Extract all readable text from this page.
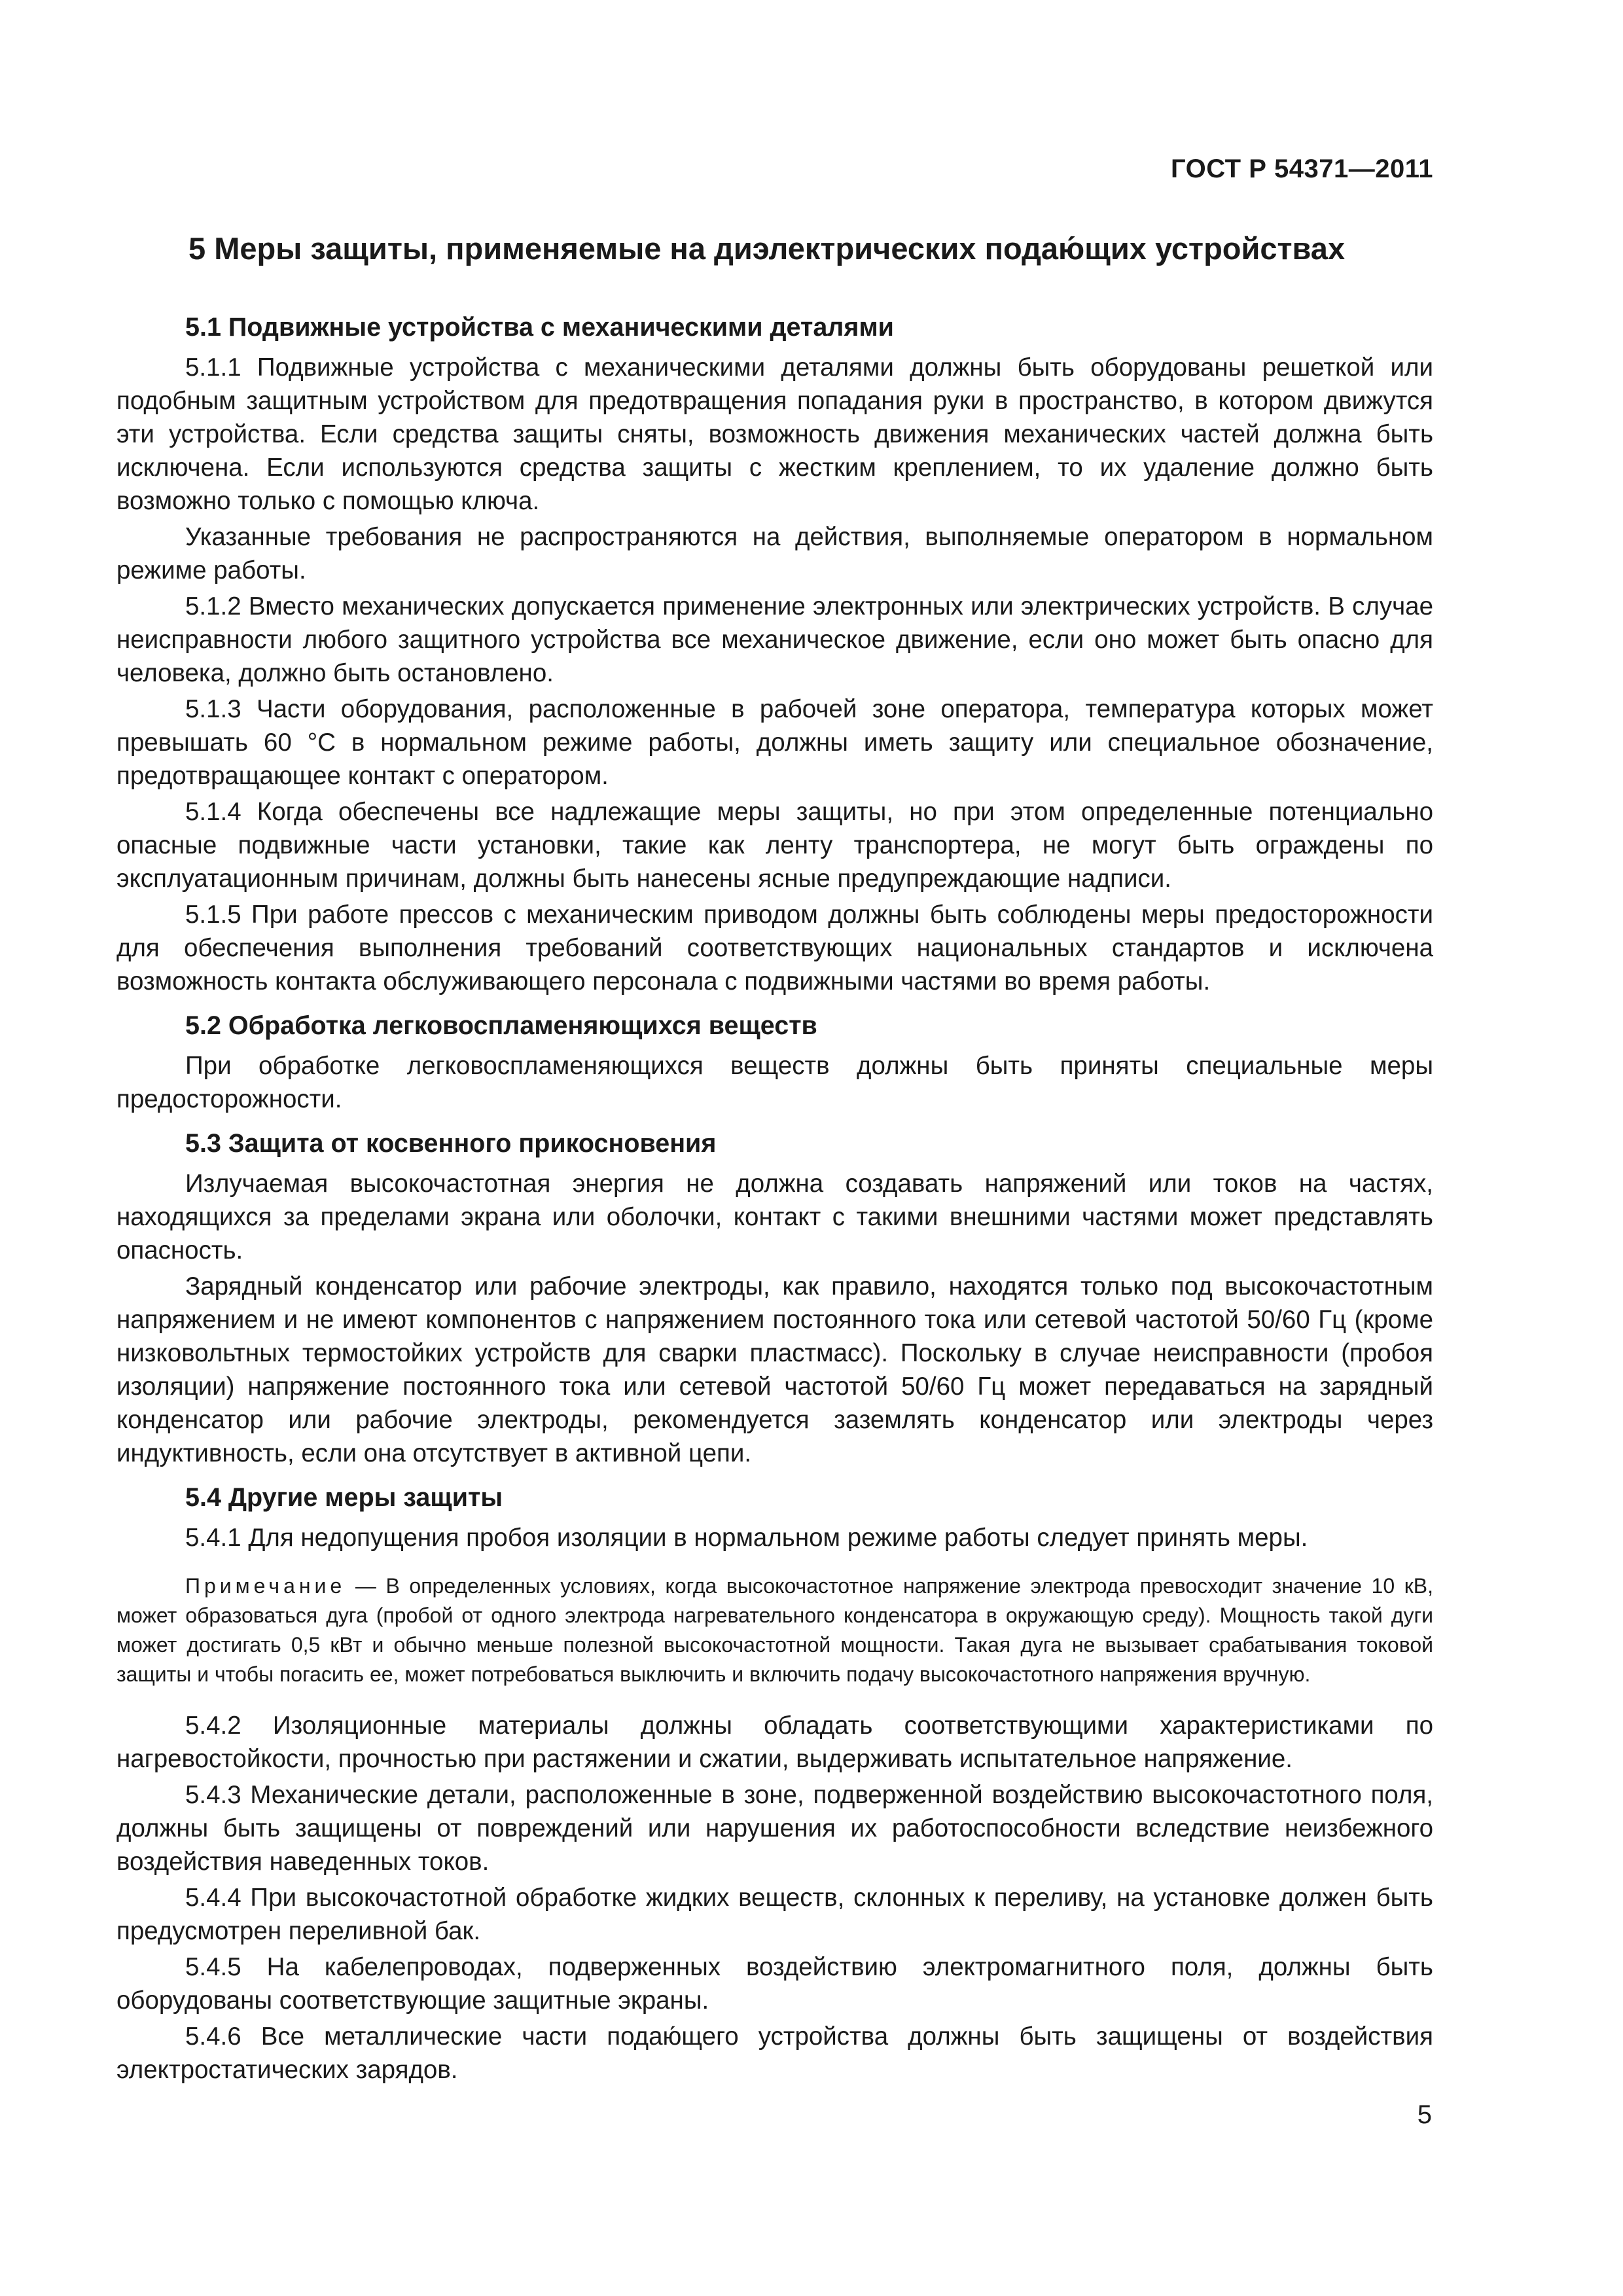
ГОСТ Р 54371—2011
5 Меры защиты, применяемые на диэлектрических подаю́щих устройствах
5.1 Подвижные устройства с механическими деталями

5.1.1 Подвижные устройства с механическими деталями должны быть оборудованы решеткой или подобным защитным устройством для предотвращения попадания руки в пространство, в котором движутся эти устройства. Если средства защиты сняты, возможность движения механических частей должна быть исключена. Если используются средства защиты с жестким креплением, то их удаление должно быть возможно только с помощью ключа.

Указанные требования не распространяются на действия, выполняемые оператором в нормальном режиме работы.

5.1.2 Вместо механических допускается применение электронных или электрических устройств. В случае неисправности любого защитного устройства все механическое движение, если оно может быть опасно для человека, должно быть остановлено.

5.1.3 Части оборудования, расположенные в рабочей зоне оператора, температура которых может превышать 60 °С в нормальном режиме работы, должны иметь защиту или специальное обозначение, предотвращающее контакт с оператором.

5.1.4 Когда обеспечены все надлежащие меры защиты, но при этом определенные потенциально опасные подвижные части установки, такие как ленту транспортера, не могут быть ограждены по эксплуатационным причинам, должны быть нанесены ясные предупреждающие надписи.

5.1.5 При работе прессов с механическим приводом должны быть соблюдены меры предосторожности для обеспечения выполнения требований соответствующих национальных стандартов и исключена возможность контакта обслуживающего персонала с подвижными частями во время работы.

5.2 Обработка легковоспламеняющихся веществ

При обработке легковоспламеняющихся веществ должны быть приняты специальные меры предосторожности.

5.3 Защита от косвенного прикосновения

Излучаемая высокочастотная энергия не должна создавать напряжений или токов на частях, находящихся за пределами экрана или оболочки, контакт с такими внешними частями может представлять опасность.

Зарядный конденсатор или рабочие электроды, как правило, находятся только под высокочастотным напряжением и не имеют компонентов с напряжением постоянного тока или сетевой частотой 50/60 Гц (кроме низковольтных термостойких устройств для сварки пластмасс). Поскольку в случае неисправности (пробоя изоляции) напряжение постоянного тока или сетевой частотой 50/60 Гц может передаваться на зарядный конденсатор или рабочие электроды, рекомендуется заземлять конденсатор или электроды через индуктивность, если она отсутствует в активной цепи.

5.4 Другие меры защиты

5.4.1 Для недопущения пробоя изоляции в нормальном режиме работы следует принять меры.

Примечание — В определенных условиях, когда высокочастотное напряжение электрода превосходит значение 10 кВ, может образоваться дуга (пробой от одного электрода нагревательного конденсатора в окружающую среду). Мощность такой дуги может достигать 0,5 кВт и обычно меньше полезной высокочастотной мощности. Такая дуга не вызывает срабатывания токовой защиты и чтобы погасить ее, может потребоваться выключить и включить подачу высокочастотного напряжения вручную.

5.4.2 Изоляционные материалы должны обладать соответствующими характеристиками по нагревостойкости, прочностью при растяжении и сжатии, выдерживать испытательное напряжение.

5.4.3 Механические детали, расположенные в зоне, подверженной воздействию высокочастотного поля, должны быть защищены от повреждений или нарушения их работоспособности вследствие неизбежного воздействия наведенных токов.

5.4.4 При высокочастотной обработке жидких веществ, склонных к переливу, на установке должен быть предусмотрен переливной бак.

5.4.5 На кабелепроводах, подверженных воздействию электромагнитного поля, должны быть оборудованы соответствующие защитные экраны.

5.4.6 Все металлические части подаю́щего устройства должны быть защищены от воздействия электростатических зарядов.

5
